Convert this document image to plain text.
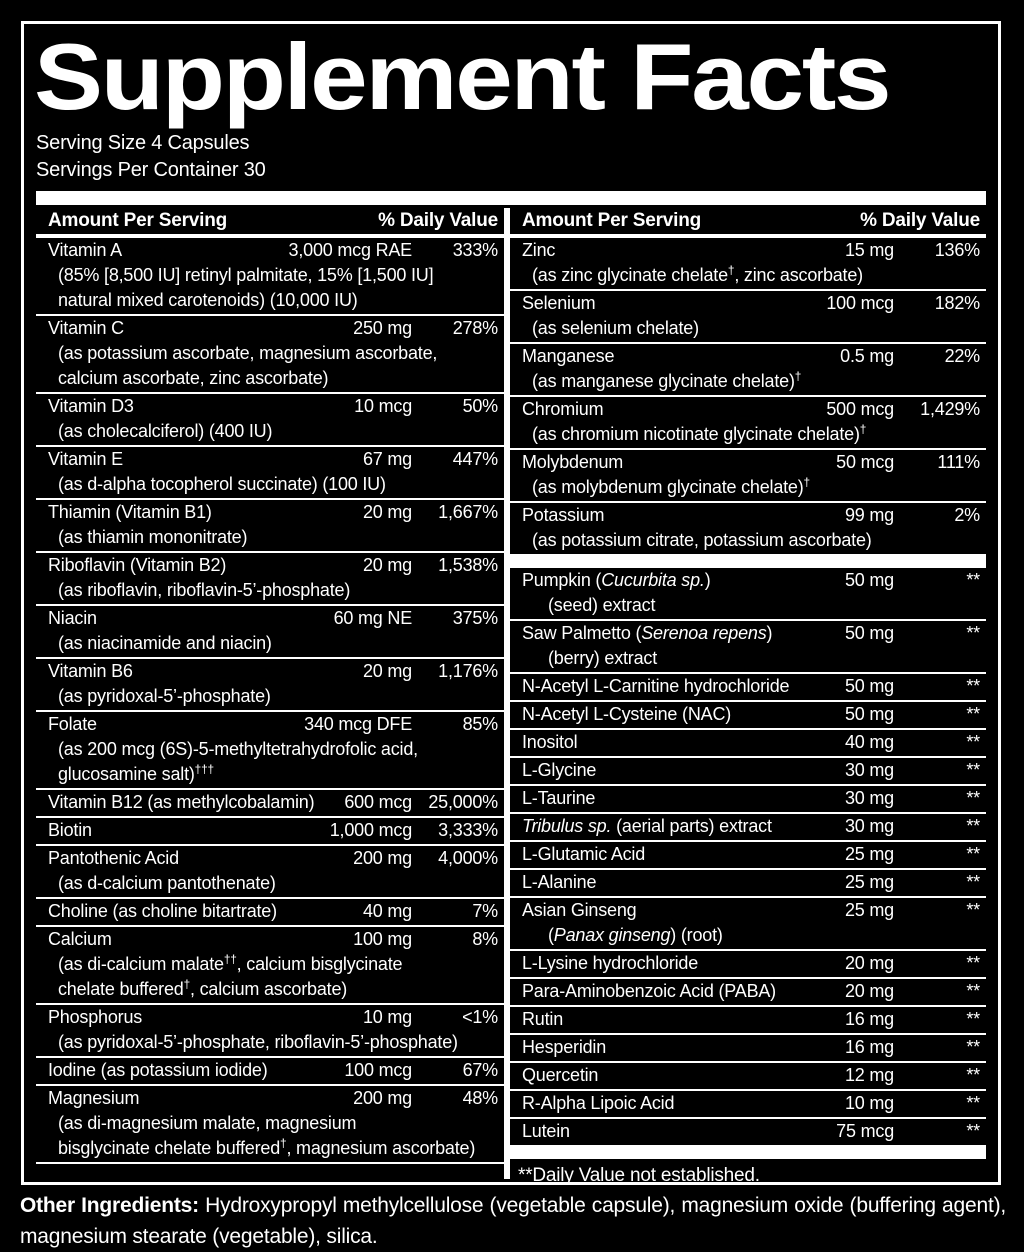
Supplement Facts
Serving Size 4 Capsules
Servings Per Container 30
Amount Per Serving	% Daily Value
Vitamin A	3,000 mcg RAE	333%
(85% [8,500 IU] retinyl palmitate, 15% [1,500 IU]
natural mixed carotenoids) (10,000 IU)
Vitamin C	250 mg	278%
(as potassium ascorbate, magnesium ascorbate,
calcium ascorbate, zinc ascorbate)
Vitamin D3	10 mcg	50%
(as cholecalciferol) (400 IU)
Vitamin E	67 mg	447%
(as d-alpha tocopherol succinate) (100 IU)
Thiamin (Vitamin B1)	20 mg	1,667%
(as thiamin mononitrate)
Riboflavin (Vitamin B2)	20 mg	1,538%
(as riboflavin, riboflavin-5’-phosphate)
Niacin	60 mg NE	375%
(as niacinamide and niacin)
Vitamin B6	20 mg	1,176%
(as pyridoxal-5’-phosphate)
Folate	340 mcg DFE	85%
(as 200 mcg (6S)-5-methyltetrahydrofolic acid,
glucosamine salt)†††
Vitamin B12 (as methylcobalamin)	600 mcg 25,000%
Biotin	1,000 mcg	3,333%
Pantothenic Acid	200 mg	4,000%
(as d-calcium pantothenate)
Choline (as choline bitartrate)	40 mg	7%
Calcium	100 mg	8%
(as di-calcium malate††, calcium bisglycinate
chelate buffered†, calcium ascorbate)
Phosphorus	10 mg	<1%
(as pyridoxal-5’-phosphate, riboflavin-5’-phosphate)
Iodine (as potassium iodide)	100 mcg	67%
Magnesium	200 mg	48%
(as di-magnesium malate, magnesium
bisglycinate chelate buffered†, magnesium ascorbate)
Amount Per Serving	% Daily Value
Zinc	15 mg	136%
(as zinc glycinate chelate†, zinc ascorbate)
Selenium	100 mcg	182%
(as selenium chelate)
Manganese	0.5 mg	22%
(as manganese glycinate chelate)†
Chromium	500 mcg	1,429%
(as chromium nicotinate glycinate chelate)†
Molybdenum	50 mcg	111%
(as molybdenum glycinate chelate)†
Potassium	99 mg	2%
(as potassium citrate, potassium ascorbate)
Pumpkin (Cucurbita sp.)	50 mg	**
(seed) extract
Saw Palmetto (Serenoa repens)	50 mg	**
(berry) extract
N-Acetyl L-Carnitine hydrochloride	50 mg	**
N-Acetyl L-Cysteine (NAC)	50 mg	**
Inositol	40 mg	**
L-Glycine	30 mg	**
L-Taurine	30 mg	**
Tribulus sp. (aerial parts) extract	30 mg	**
L-Glutamic Acid	25 mg	**
L-Alanine	25 mg	**
Asian Ginseng	25 mg	**
(Panax ginseng) (root)
L-Lysine hydrochloride	20 mg	**
Para-Aminobenzoic Acid (PABA)	20 mg	**
Rutin	16 mg	**
Hesperidin	16 mg	**
Quercetin	12 mg	**
R-Alpha Lipoic Acid	10 mg	**
Lutein	75 mcg	**
**Daily Value not established.
Other Ingredients: Hydroxypropyl methylcellulose (vegetable capsule), magnesium oxide (buffering agent), magnesium stearate (vegetable), silica.
